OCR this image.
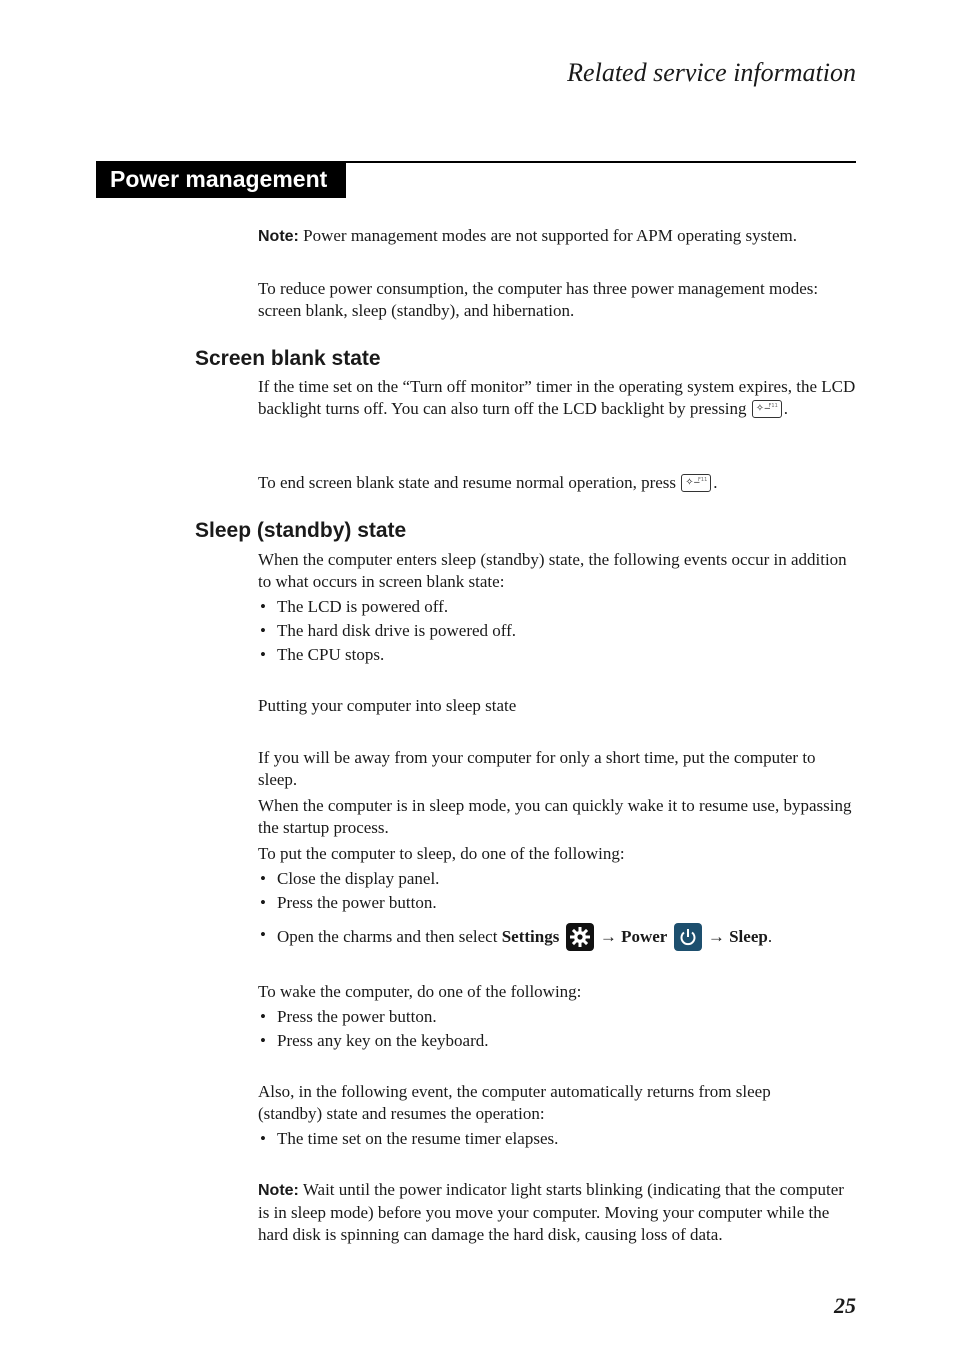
Related service information
Power management

Note: Power management modes are not supported for APM operating system.

To reduce power consumption, the computer has three power management modes: screen blank, sleep (standby), and hibernation.

Screen blank state

If the time set on the “Turn off monitor” timer in the operating system expires, the LCD backlight turns off. You can also turn off the LCD backlight by pressing ✧‒
F11 .

To end screen blank state and resume normal operation, press ✧‒
F11 .

Sleep (standby) state

When the computer enters sleep (standby) state, the following events occur in addition to what occurs in screen blank state:

• The LCD is powered off.
• The hard disk drive is powered off.
• The CPU stops.

Putting your computer into sleep state

If you will be away from your computer for only a short time, put the computer to sleep.

When the computer is in sleep mode, you can quickly wake it to resume use, bypassing the startup process.

To put the computer to sleep, do one of the following:

• Close the display panel.
• Press the power button.
• Open the charms and then select Settings
→ Power
→ Sleep.

To wake the computer, do one of the following:

• Press the power button.
• Press any key on the keyboard.

Also, in the following event, the computer automatically returns from sleep (standby) state and resumes the operation:

• The time set on the resume timer elapses.

Note: Wait until the power indicator light starts blinking (indicating that the computer is in sleep mode) before you move your computer. Moving your computer while the hard disk is spinning can damage the hard disk, causing loss of data.

25
